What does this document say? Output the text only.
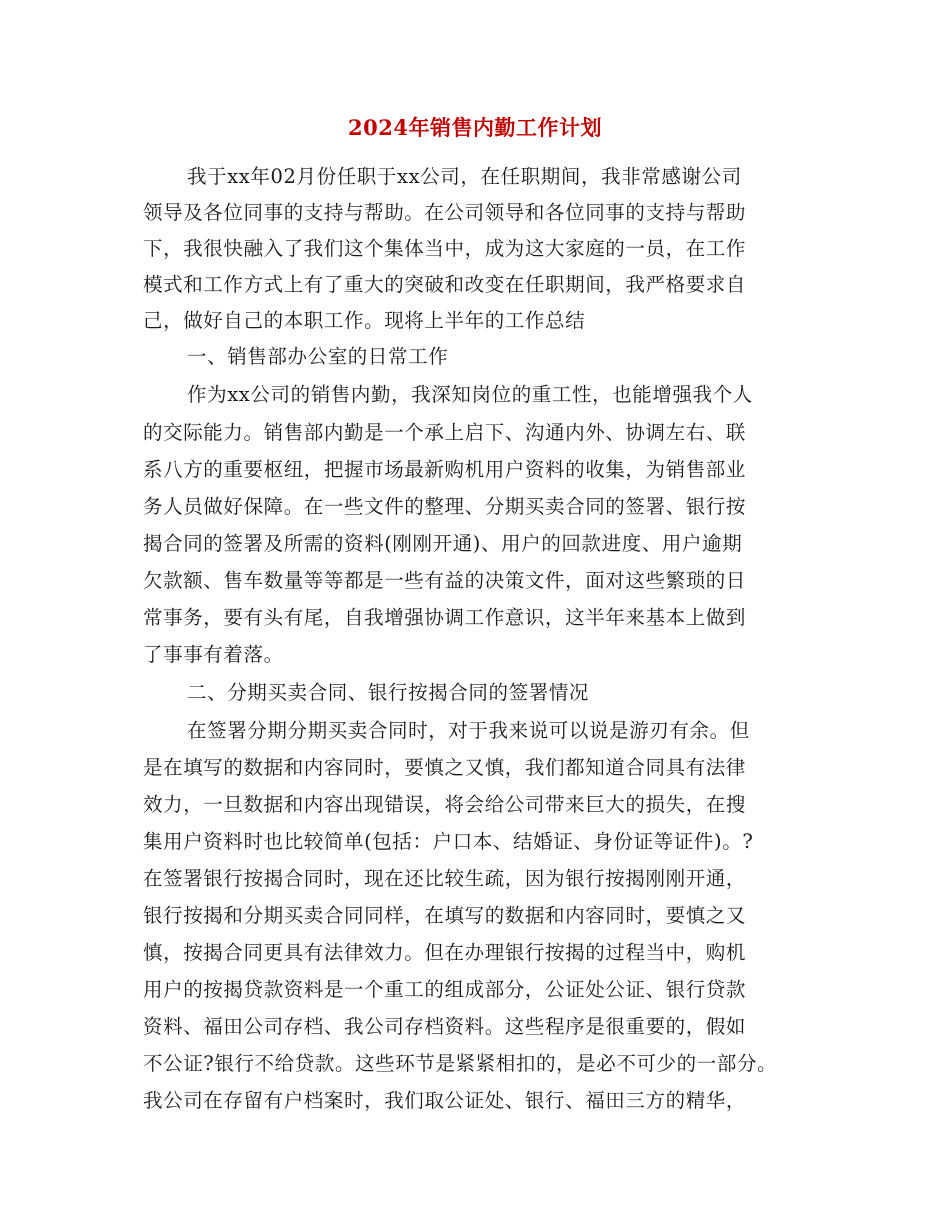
2024年销售内勤工作计划
我于xx年02月份任职于xx公司，在任职期间，我非常感谢公司
领导及各位同事的支持与帮助。在公司领导和各位同事的支持与帮助
下，我很快融入了我们这个集体当中，成为这大家庭的一员，在工作
模式和工作方式上有了重大的突破和改变在任职期间，我严格要求自
己，做好自己的本职工作。现将上半年的工作总结
一、销售部办公室的日常工作
作为xx公司的销售内勤，我深知岗位的重工性，也能增强我个人
的交际能力。销售部内勤是一个承上启下、沟通内外、协调左右、联
系八方的重要枢纽，把握市场最新购机用户资料的收集，为销售部业
务人员做好保障。在一些文件的整理、分期买卖合同的签署、银行按
揭合同的签署及所需的资料(刚刚开通)、用户的回款进度、用户逾期
欠款额、售车数量等等都是一些有益的决策文件，面对这些繁琐的日
常事务，要有头有尾，自我增强协调工作意识，这半年来基本上做到
了事事有着落。
二、分期买卖合同、银行按揭合同的签署情况
在签署分期分期买卖合同时，对于我来说可以说是游刃有余。但
是在填写的数据和内容同时，要慎之又慎，我们都知道合同具有法律
效力，一旦数据和内容出现错误，将会给公司带来巨大的损失，在搜
集用户资料时也比较简单(包括：户口本、结婚证、身份证等证件)。?
在签署银行按揭合同时，现在还比较生疏，因为银行按揭刚刚开通，
银行按揭和分期买卖合同同样，在填写的数据和内容同时，要慎之又
慎，按揭合同更具有法律效力。但在办理银行按揭的过程当中，购机
用户的按揭贷款资料是一个重工的组成部分，公证处公证、银行贷款
资料、福田公司存档、我公司存档资料。这些程序是很重要的，假如
不公证?银行不给贷款。这些环节是紧紧相扣的，是必不可少的一部分。
我公司在存留有户档案时，我们取公证处、银行、福田三方的精华，
